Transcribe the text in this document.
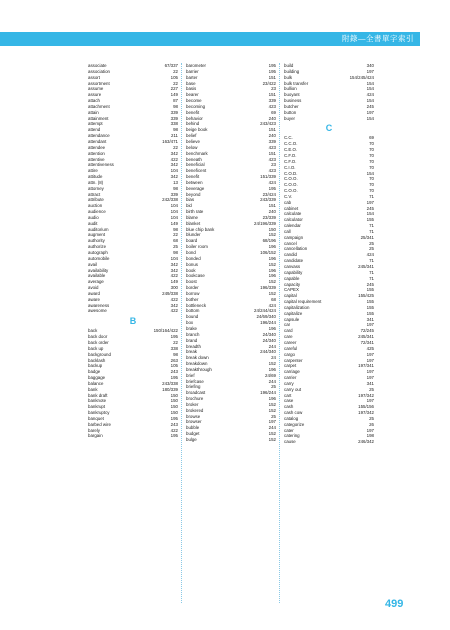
附錄—全書單字索引
associate	67/337
association	22
assort	105
assortment	22
assume	227
assure	149
attach	87
attachment	98
attain	339
attainment	339
attempt	338
attend	98
attendance	211
attendant	163/471
attendee	22
attention	342
attentive	422
attentiveness	342
attire	104
attitude	342
attn. (8)	13
attorney	98
attract	339
attribute	242/338
auction	104
audience	104
audio	104
audit	149
auditorium	98
augment	22
authority	68
authorize	25
autograph	98
automobile	104
avail	342
availability	342
available	422
average	149
avoid	300
award	249/338
aware	422
awareness	342
awesome	422
B
back	150/164/422
back door	195
back order	22
back up	338
background	98
backlash	263
backup	105
badge	243
baggage	195
balance	243/338
bank	180/339
bank draft	150
banknote	150
bankrupt	150
bankruptcy	150
banquet	195
barbed wire	243
barely	422
bargain	195
barometer	195
barrier	195
barter	151
base	23/422
basis	23
bearer	151
become	339
becoming	423
benefit	69
behavior	240
behind	243/423
beige book	151
belief	240
believe	339
below	423
benchmark	151
beneath	423
beneficial	23
beneficent	423
benefit	151/339
between	424
beverage	195
beyond	23/424
bias	243/339
bid	151
birth rate	240
blame	23/339
blanket	24/196/339
blue chip bank	150
blunder	152
board	68/196
boiler room	196
bond	106/152
bonded	196
bonus	152
book	196
bookcase	196
boost	152
border	196/339
borrow	152
bother	68
bottleneck	424
bottom	24/244/424
bound	24/69/340
box	196/244
brake	196
branch	24/340
brand	24/340
breadth	244
break	244/340
break down	24
breakdown	152
breakthrough	196
brief	24/69
briefcase	244
briefing	25
broadcast	196/244
brochure	196
broker	152
brokered	152
browse	25
browser	197
bubble	244
budget	152
bulge	152
build	340
building	197
bulk	154/245/424
bulk transfer	154
bullion	154
buoyant	424
business	154
butcher	245
button	197
buyer	154
C
C.C.	69
C.C.O.	70
C.E.O.	70
C.F.O.	70
C.F.O.	70
C.I.O.	70
C.O.D.	154
C.O.O.	70
C.O.O.	70
C.O.O.	70
C.V.	71
cab	197
cabinet	245
calculate	154
calculator	155
calendar	71
call	71
campaign	25/341
cancel	25
cancellation	25
candid	424
candidate	71
canvass	245/341
capability	71
capable	71
capacity	245
CAPEX	155
capital	155/425
capital requirement	155
capitalization	155
capitalize	155
capsule	341
car	197
card	72/245
care	245/341
career	72/341
careful	425
cargo	197
carpenter	197
carpet	197/341
carriage	197
carrier	197
carry	341
carry out	25
cart	197/342
case	197
cash	155/156
cash cow	197/342
catalog	25
categorize	26
cater	197
catering	198
cause	246/342
499
